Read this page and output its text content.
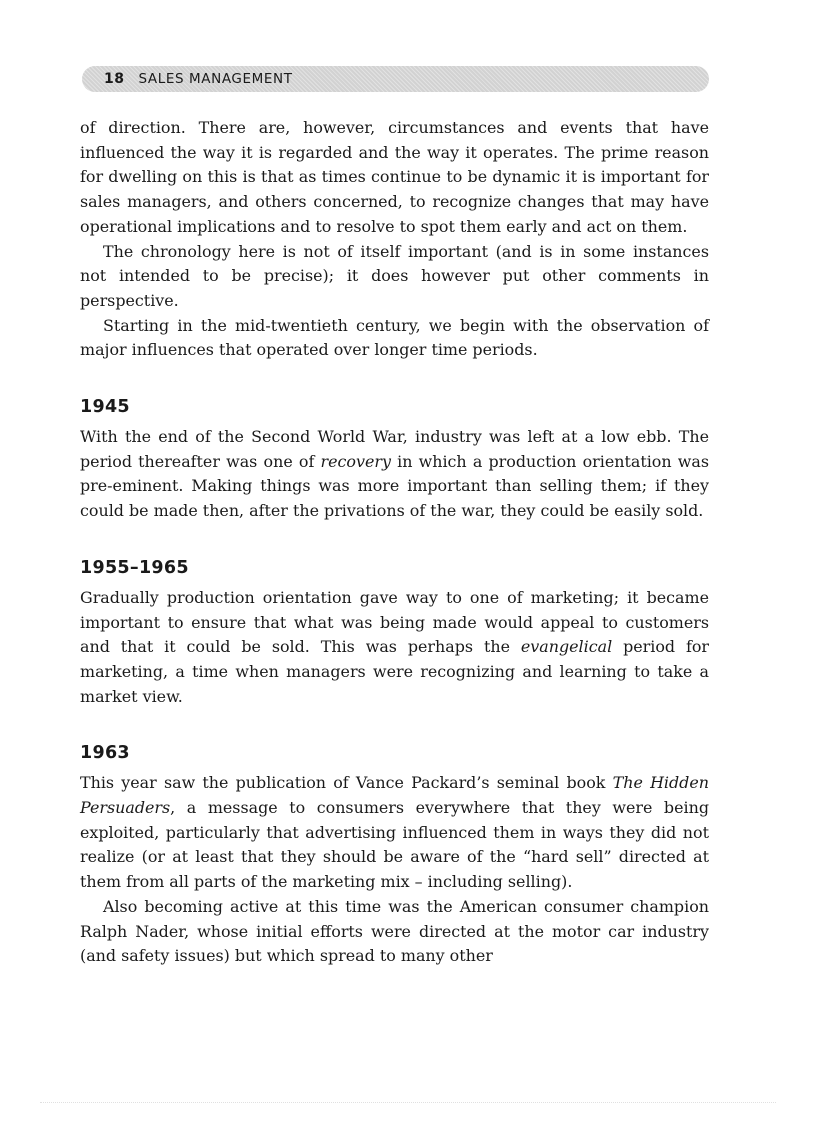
18 SALES MANAGEMENT

of direction. There are, however, circumstances and events that have influenced the way it is regarded and the way it operates. The prime reason for dwelling on this is that as times continue to be dynamic it is important for sales managers, and others concerned, to recognize changes that may have operational implications and to resolve to spot them early and act on them.

The chronology here is not of itself important (and is in some instances not intended to be precise); it does however put other comments in perspective.

Starting in the mid-twentieth century, we begin with the observation of major influences that operated over longer time periods.

1945

With the end of the Second World War, industry was left at a low ebb. The period thereafter was one of recovery in which a production orientation was pre-eminent. Making things was more important than selling them; if they could be made then, after the privations of the war, they could be easily sold.

1955–1965

Gradually production orientation gave way to one of marketing; it became important to ensure that what was being made would appeal to customers and that it could be sold. This was perhaps the evangelical period for marketing, a time when managers were recognizing and learning to take a market view.

1963

This year saw the publication of Vance Packard’s seminal book The Hidden Persuaders, a message to consumers everywhere that they were being exploited, particularly that advertising influenced them in ways they did not realize (or at least that they should be aware of the “hard sell” directed at them from all parts of the marketing mix – including selling).

Also becoming active at this time was the American consumer champion Ralph Nader, whose initial efforts were directed at the motor car industry (and safety issues) but which spread to many other
